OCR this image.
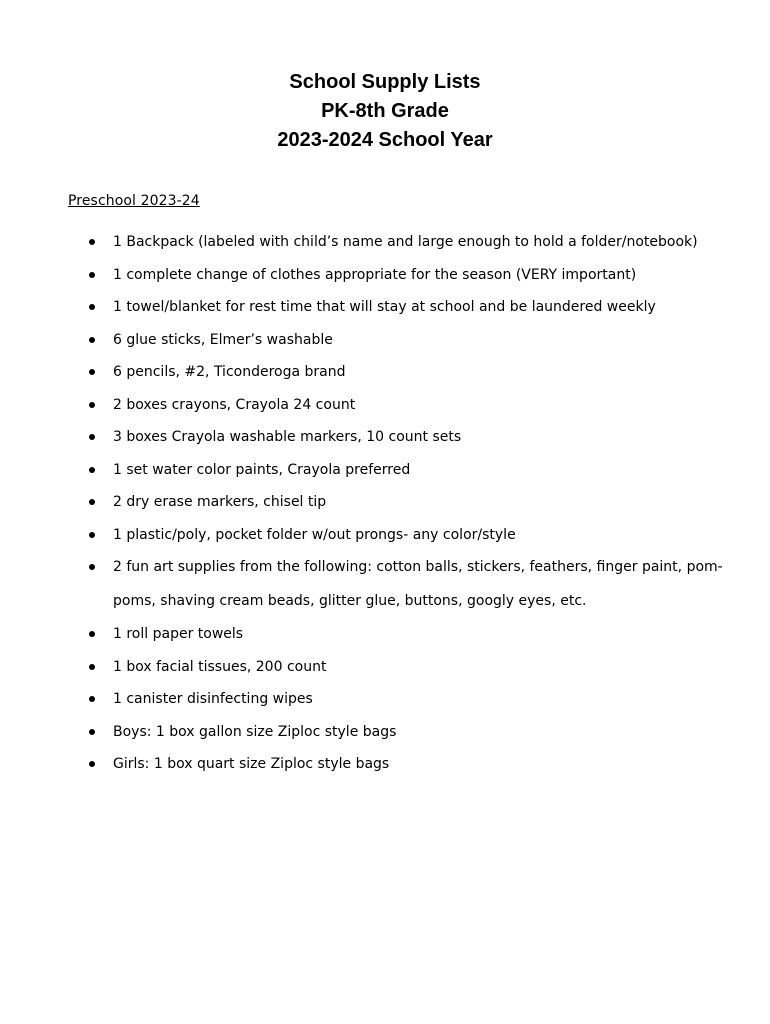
School Supply Lists
PK-8th Grade
2023-2024 School Year
Preschool 2023-24
1 Backpack (labeled with child’s name and large enough to hold a folder/notebook)
1 complete change of clothes appropriate for the season (VERY important)
1 towel/blanket for rest time that will stay at school and be laundered weekly
6 glue sticks, Elmer’s washable
6 pencils, #2, Ticonderoga brand
2 boxes crayons, Crayola 24 count
3 boxes Crayola washable markers, 10 count sets
1 set water color paints, Crayola preferred
2 dry erase markers, chisel tip
1 plastic/poly, pocket folder w/out prongs- any color/style
2 fun art supplies from the following: cotton balls, stickers, feathers, finger paint, pom-poms, shaving cream beads, glitter glue, buttons, googly eyes, etc.
1 roll paper towels
1 box facial tissues, 200 count
1 canister disinfecting wipes
Boys: 1 box gallon size Ziploc style bags
Girls: 1 box quart size Ziploc style bags
